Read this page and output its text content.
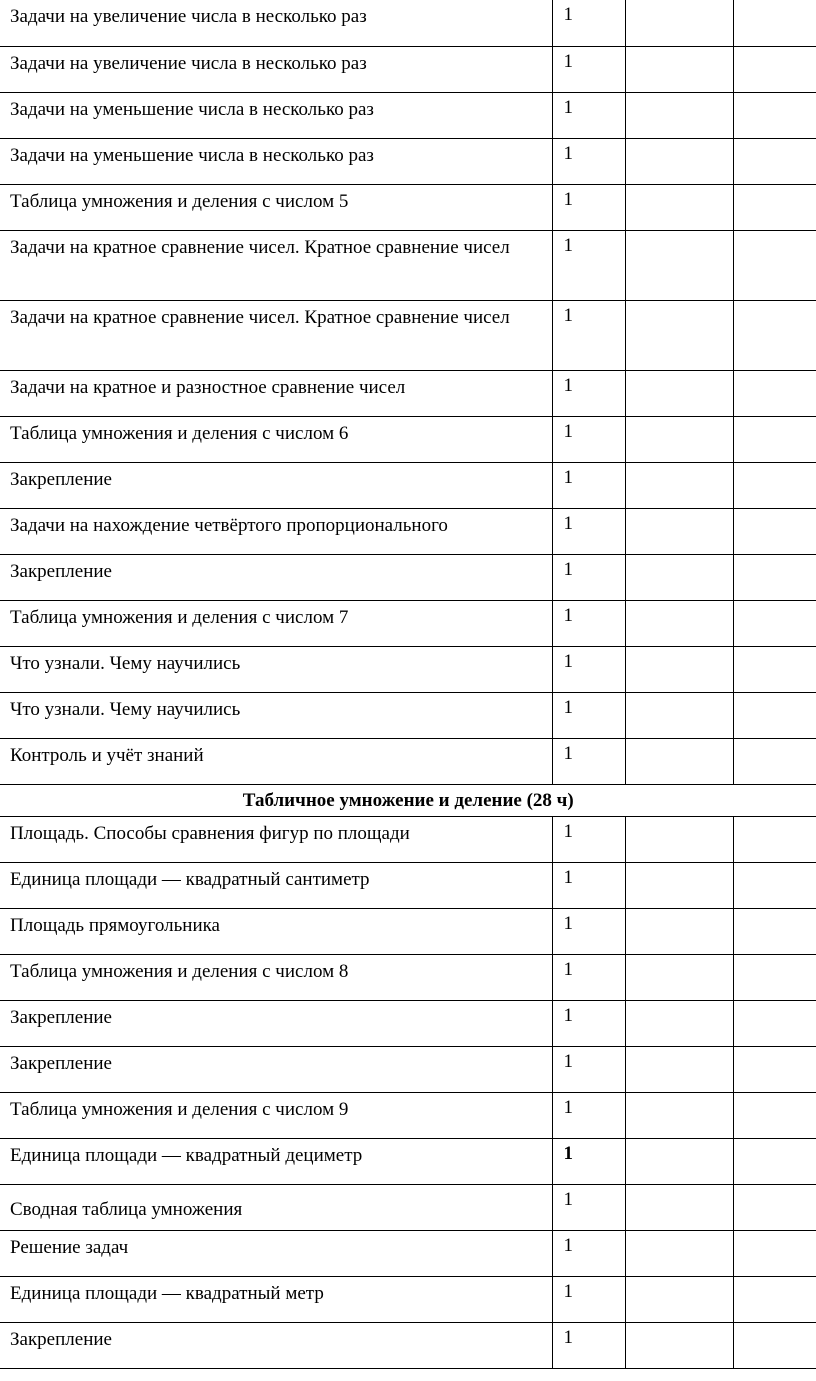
Задачи на увеличение числа в несколько раз	1		
Задачи на увеличение числа в несколько раз	1		
Задачи на уменьшение числа в несколько раз	1		
Задачи на уменьшение числа в несколько раз	1		
Таблица умножения и деления с числом 5	1		
Задачи на кратное сравнение чисел. Кратное сравнение чисел	1		
Задачи на кратное сравнение чисел. Кратное сравнение чисел	1		
Задачи на кратное и разностное сравнение чисел	1		
Таблица умножения и деления с числом 6	1		
Закрепление	1		
Задачи на нахождение четвёртого пропорционального	1		
Закрепление	1		
Таблица умножения и деления с числом 7	1		
Что узнали. Чему научились	1		
Что узнали. Чему научились	1		
Контроль и учёт знаний	1		
Табличное умножение и деление (28 ч)			
Площадь. Способы сравнения фигур по площади	1		
Единица площади — квадратный сантиметр	1		
Площадь прямоугольника	1		
Таблица умножения и деления с числом 8	1		
Закрепление	1		
Закрепление	1		
Таблица умножения и деления с числом 9	1		
Единица площади — квадратный дециметр	1		
Сводная таблица умножения	1		
Решение задач	1		
Единица площади — квадратный метр	1		
Закрепление	1		
